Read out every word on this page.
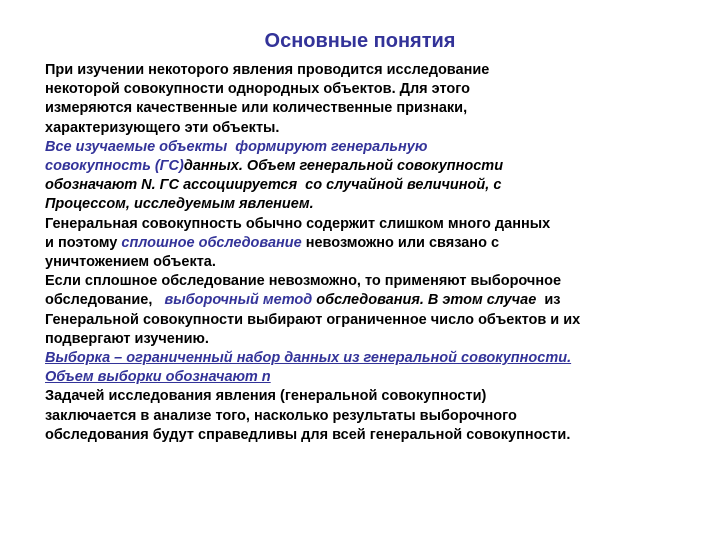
Основные понятия
При изучении некоторого явления проводится исследование
некоторой совокупности однородных объектов. Для этого
измеряются качественные или количественные признаки,
характеризующего эти объекты.
Все изучаемые объекты  формируют генеральную
совокупность (ГС)данных. Объем генеральной совокупности
обозначают N. ГС ассоциируется  со случайной величиной, с
Процессом, исследуемым явлением.
Генеральная совокупность обычно содержит слишком много данных
и поэтому сплошное обследование невозможно или связано с
уничтожением объекта.
Если сплошное обследование невозможно, то применяют выборочное
обследование,   выборочный метод обследования. В этом случае  из
Генеральной совокупности выбирают ограниченное число объектов и их
подвергают изучению.
Выборка – ограниченный набор данных из генеральной совокупности.
Объем выборки обозначают n
Задачей исследования явления (генеральной совокупности)
заключается в анализе того, насколько результаты выборочного
обследования будут справедливы для всей генеральной совокупности.
